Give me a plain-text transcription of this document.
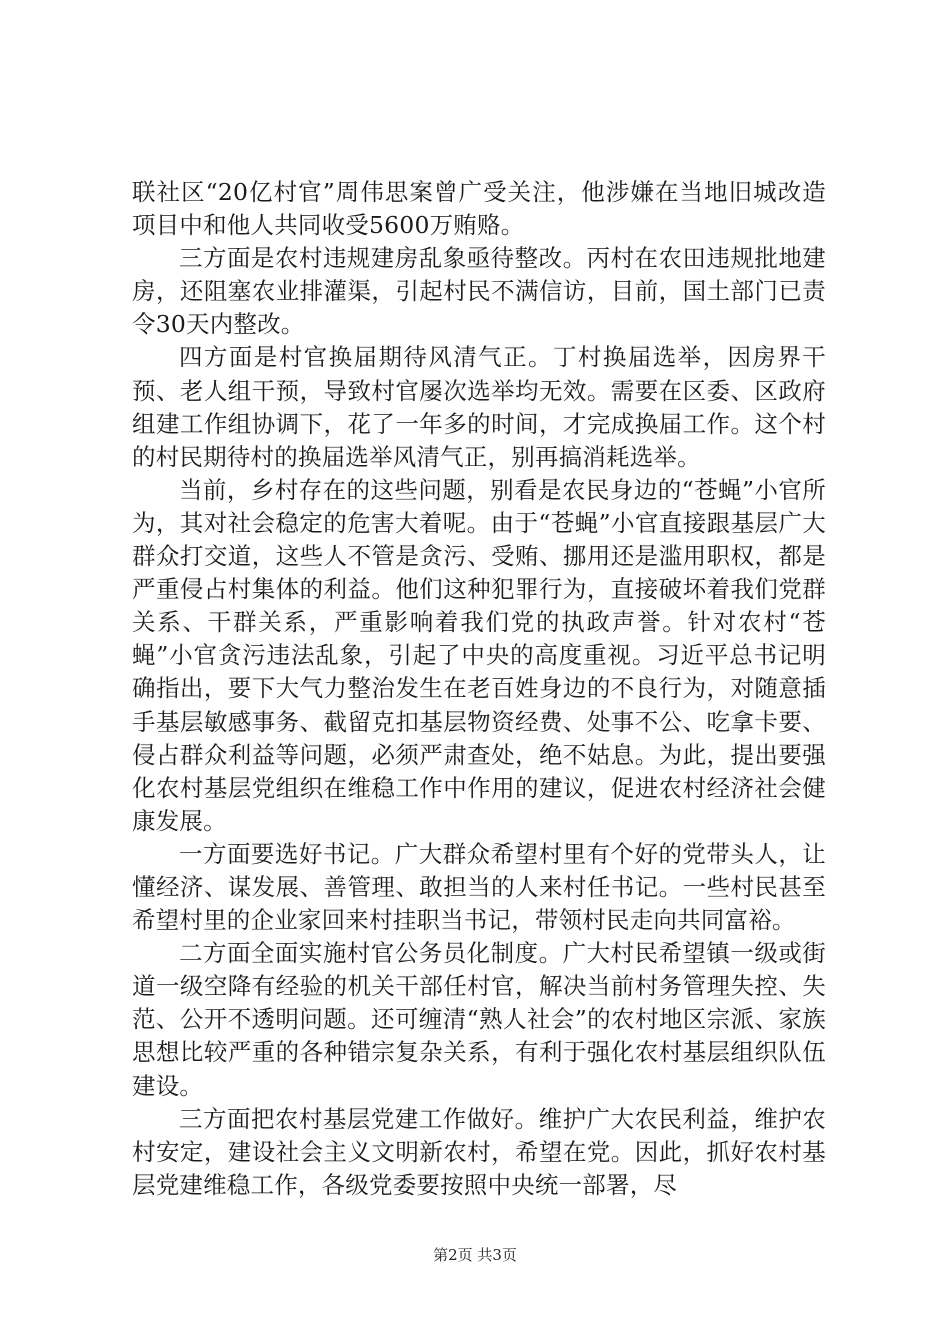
联社区“20亿村官”周伟思案曾广受关注，他涉嫌在当地旧城改造项目中和他人共同收受5600万贿赂。

三方面是农村违规建房乱象亟待整改。丙村在农田违规批地建房，还阻塞农业排灌渠，引起村民不满信访，目前，国土部门已责令30天内整改。

四方面是村官换届期待风清气正。丁村换届选举，因房界干预、老人组干预，导致村官屡次选举均无效。需要在区委、区政府组建工作组协调下，花了一年多的时间，才完成换届工作。这个村的村民期待村的换届选举风清气正，别再搞消耗选举。

当前，乡村存在的这些问题，别看是农民身边的“苍蝇”小官所为，其对社会稳定的危害大着呢。由于“苍蝇”小官直接跟基层广大群众打交道，这些人不管是贪污、受贿、挪用还是滥用职权，都是严重侵占村集体的利益。他们这种犯罪行为，直接破坏着我们党群关系、干群关系，严重影响着我们党的执政声誉。针对农村“苍蝇”小官贪污违法乱象，引起了中央的高度重视。习近平总书记明确指出，要下大气力整治发生在老百姓身边的不良行为，对随意插手基层敏感事务、截留克扣基层物资经费、处事不公、吃拿卡要、侵占群众利益等问题，必须严肃查处，绝不姑息。为此，提出要强化农村基层党组织在维稳工作中作用的建议，促进农村经济社会健康发展。

一方面要选好书记。广大群众希望村里有个好的党带头人，让懂经济、谋发展、善管理、敢担当的人来村任书记。一些村民甚至希望村里的企业家回来村挂职当书记，带领村民走向共同富裕。

二方面全面实施村官公务员化制度。广大村民希望镇一级或街道一级空降有经验的机关干部任村官，解决当前村务管理失控、失范、公开不透明问题。还可缠清“熟人社会”的农村地区宗派、家族思想比较严重的各种错宗复杂关系，有利于强化农村基层组织队伍建设。

三方面把农村基层党建工作做好。维护广大农民利益，维护农村安定，建设社会主义文明新农村，希望在党。因此，抓好农村基层党建维稳工作，各级党委要按照中央统一部署，尽

第2页 共3页
